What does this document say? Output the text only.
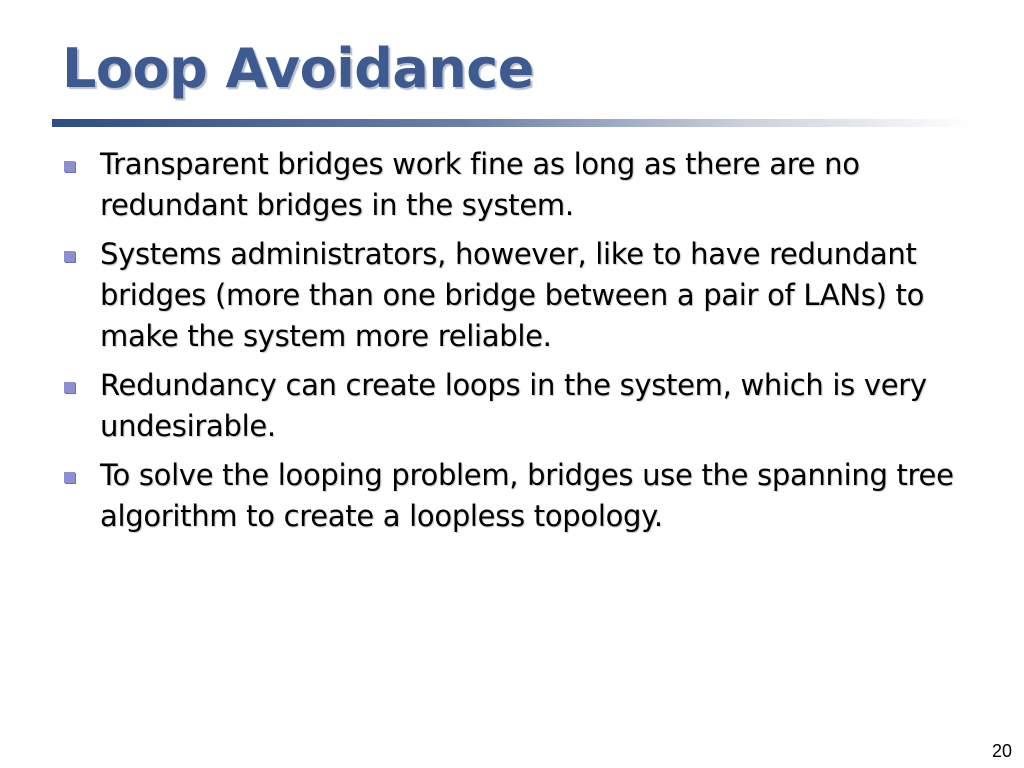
Loop Avoidance
Transparent bridges work fine as long as there are no redundant bridges in the system.
Systems administrators, however, like to have redundant bridges (more than one bridge between a pair of LANs) to make the system more reliable.
Redundancy can create loops in the system, which is very undesirable.
To solve the looping problem, bridges use the spanning tree algorithm to create a loopless topology.
20
